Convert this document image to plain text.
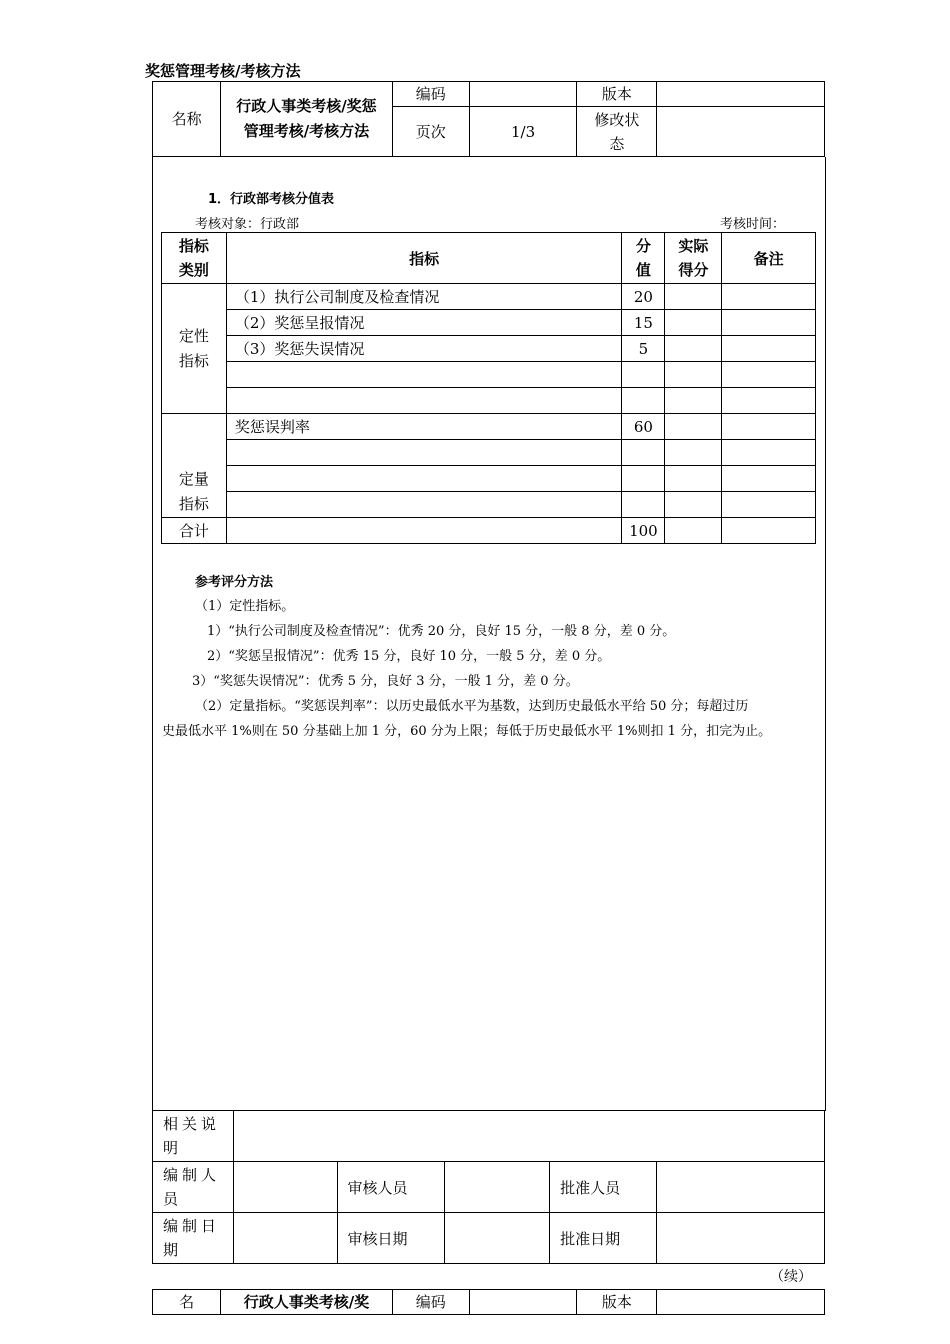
奖惩管理考核/考核方法
名称	行政人事类考核/奖惩管理考核/考核方法	编码		版本	
		页次	1/3	修改状态	

1．行政部考核分值表
考核对象：行政部	考核时间：
指标类别	指标	分值	实际得分	备注

定性指标	（1）执行公司制度及检查情况	20		
	（2）奖惩呈报情况	15		
	（3）奖惩失误情况	5		

定量指标	奖惩误判率	60		

合计		100		
参考评分方法
（1）定性指标。
1）“执行公司制度及检查情况”：优秀 20 分，良好 15 分，一般 8 分，差 0 分。
2）“奖惩呈报情况”：优秀 15 分，良好 10 分，一般 5 分，差 0 分。
3）“奖惩失误情况”：优秀 5 分，良好 3 分，一般 1 分，差 0 分。
（2）定量指标。“奖惩误判率”：以历史最低水平为基数，达到历史最低水平给 50 分；每超过历
史最低水平 1%则在 50 分基础上加 1 分，60 分为上限；每低于历史最低水平 1%则扣 1 分，扣完为止。
相关说明					
编制人员		审核人员		批准人员	
编制日期		审核日期		批准日期	
（续）
名	行政人事类考核/奖	编码		版本	
